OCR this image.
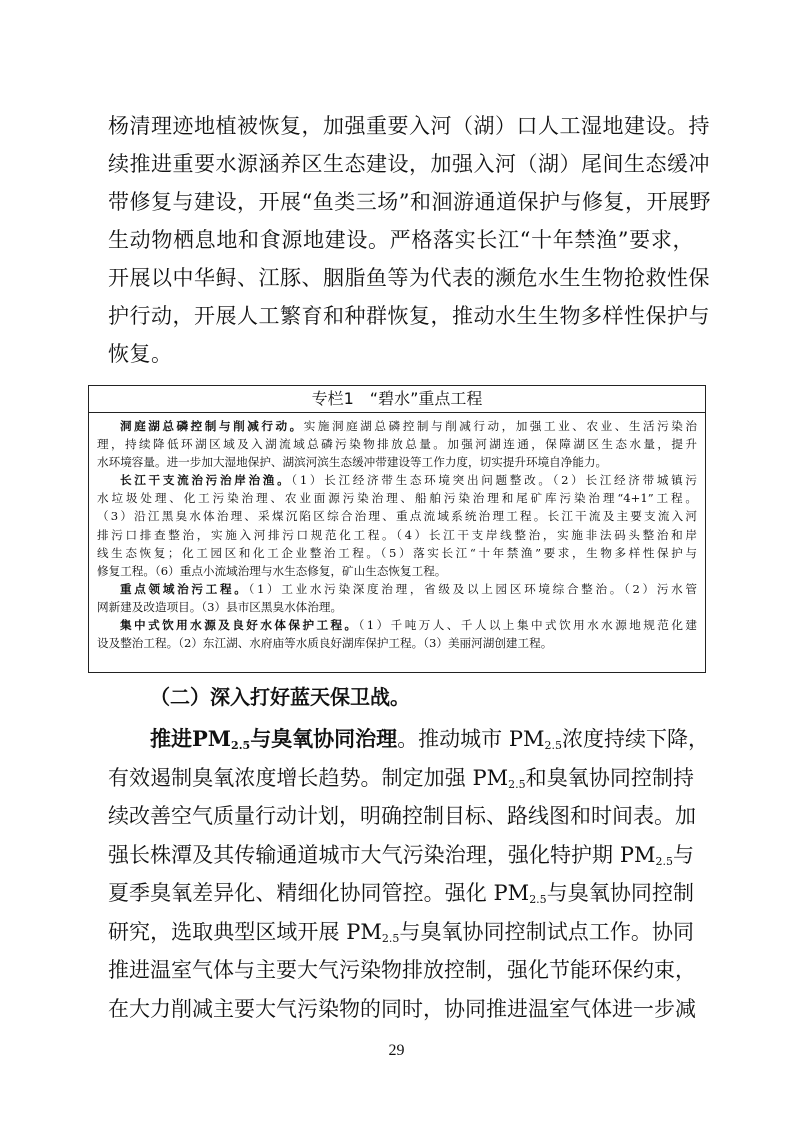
杨清理迹地植被恢复，加强重要入河（湖）口人工湿地建设。持
续推进重要水源涵养区生态建设，加强入河（湖）尾间生态缓冲
带修复与建设，开展“鱼类三场”和洄游通道保护与修复，开展野
生动物栖息地和食源地建设。严格落实长江“十年禁渔”要求，
开展以中华鲟、江豚、胭脂鱼等为代表的濒危水生生物抢救性保
护行动，开展人工繁育和种群恢复，推动水生生物多样性保护与
恢复。
专栏1　“碧水”重点工程
洞庭湖总磷控制与削减行动。实施洞庭湖总磷控制与削减行动，加强工业、农业、生活污染治
理，持续降低环湖区域及入湖流域总磷污染物排放总量。加强河湖连通，保障湖区生态水量，提升
水环境容量。进一步加大湿地保护、湖滨河滨生态缓冲带建设等工作力度，切实提升环境自净能力。
长江干支流治污治岸治渔。（1）长江经济带生态环境突出问题整改。（2）长江经济带城镇污
水垃圾处理、化工污染治理、农业面源污染治理、船舶污染治理和尾矿库污染治理“4+1”工程。
（3）沿江黑臭水体治理、采煤沉陷区综合治理、重点流域系统治理工程。长江干流及主要支流入河
排污口排查整治，实施入河排污口规范化工程。（4）长江干支岸线整治，实施非法码头整治和岸
线生态恢复；化工园区和化工企业整治工程。（5）落实长江“十年禁渔”要求，生物多样性保护与
修复工程。（6）重点小流域治理与水生态修复，矿山生态恢复工程。
重点领域治污工程。（1）工业水污染深度治理，省级及以上园区环境综合整治。（2）污水管
网新建及改造项目。（3）县市区黑臭水体治理。
集中式饮用水源及良好水体保护工程。（1）千吨万人、千人以上集中式饮用水水源地规范化建
设及整治工程。（2）东江湖、水府庙等水质良好湖库保护工程。（3）美丽河湖创建工程。
（二）深入打好蓝天保卫战。
推进$PM_{2.5}$与臭氧协同治理。推动城市 $PM_{2.5}$浓度持续下降，
有效遏制臭氧浓度增长趋势。制定加强 $PM_{2.5}$和臭氧协同控制持
续改善空气质量行动计划，明确控制目标、路线图和时间表。加
强长株潭及其传输通道城市大气污染治理，强化特护期 $PM_{2.5}$与
夏季臭氧差异化、精细化协同管控。强化 $PM_{2.5}$与臭氧协同控制
研究，选取典型区域开展 $PM_{2.5}$与臭氧协同控制试点工作。协同
推进温室气体与主要大气污染物排放控制，强化节能环保约束，
在大力削减主要大气污染物的同时，协同推进温室气体进一步减
29
